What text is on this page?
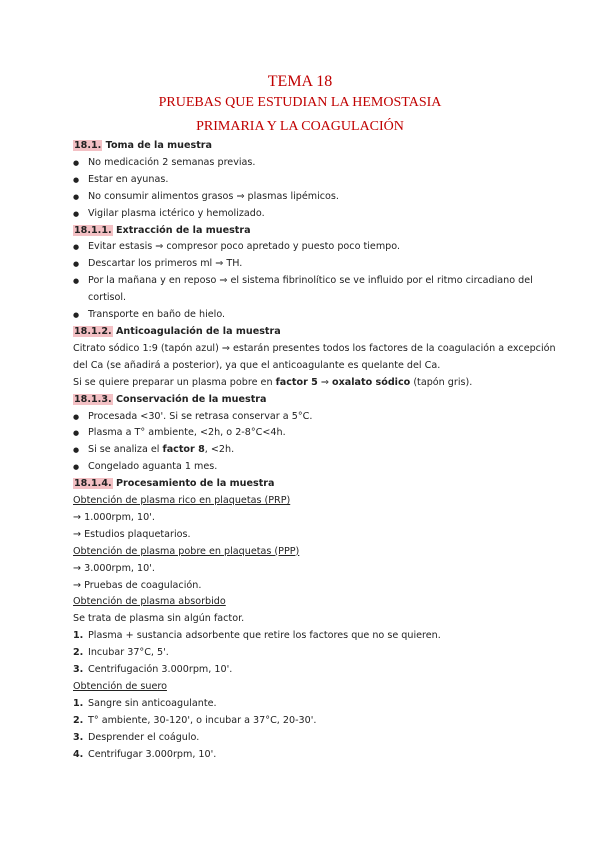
TEMA 18
PRUEBAS QUE ESTUDIAN LA HEMOSTASIA
PRIMARIA Y LA COAGULACIÓN
18.1. Toma de la muestra
● No medicación 2 semanas previas.
● Estar en ayunas.
● No consumir alimentos grasos ⇒ plasmas lipémicos.
● Vigilar plasma ictérico y hemolizado.
18.1.1. Extracción de la muestra
● Evitar estasis ⇒ compresor poco apretado y puesto poco tiempo.
● Descartar los primeros ml ⇒ TH.
● Por la mañana y en reposo ⇒ el sistema fibrinolítico se ve influido por el ritmo circadiano del
cortisol.
● Transporte en baño de hielo.
18.1.2. Anticoagulación de la muestra
Citrato sódico 1:9 (tapón azul) ⇒ estarán presentes todos los factores de la coagulación a excepción
del Ca (se añadirá a posterior), ya que el anticoagulante es quelante del Ca.
Si se quiere preparar un plasma pobre en factor 5 ⇒ oxalato sódico (tapón gris).
18.1.3. Conservación de la muestra
● Procesada <30'. Si se retrasa conservar a 5°C.
● Plasma a T° ambiente, <2h, o 2-8°C<4h.
● Si se analiza el factor 8, <2h.
● Congelado aguanta 1 mes.
18.1.4. Procesamiento de la muestra
Obtención de plasma rico en plaquetas (PRP)
→ 1.000rpm, 10'.
→ Estudios plaquetarios.
Obtención de plasma pobre en plaquetas (PPP)
→ 3.000rpm, 10'.
→ Pruebas de coagulación.
Obtención de plasma absorbido
Se trata de plasma sin algún factor.
1. Plasma + sustancia adsorbente que retire los factores que no se quieren.
2. Incubar 37°C, 5'.
3. Centrifugación 3.000rpm, 10'.
Obtención de suero
1. Sangre sin anticoagulante.
2. T° ambiente, 30-120', o incubar a 37°C, 20-30'.
3. Desprender el coágulo.
4. Centrifugar 3.000rpm, 10'.
